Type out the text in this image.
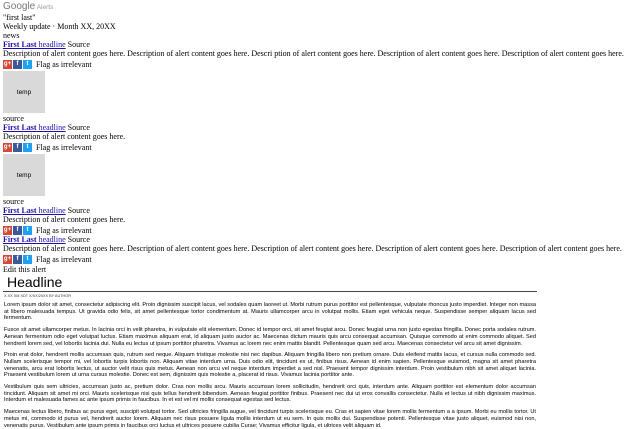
Google Alerts
"first last"
Weekly update · Month XX, 20XX
news
First Last headline Source
Description of alert content goes here. Description of alert content goes here. Descri ption of alert content goes here. Description of alert content goes here. Description of alert content goes here.
g+ f	t Flag as irrelevant
temp
source
First Last headline Source
Description of alert content goes here.
g+ f	t Flag as irrelevant
temp
source
First Last headline Source
Description of alert content goes here.
g+ f	t Flag as irrelevant
First Last headline Source
Description of alert content goes here. Description of alert content goes here. Description of alert content goes here. Description of alert content goes here. Description of alert content goes here.
g+ f	t Flag as irrelevant
Edit this alert
Headline
X.XX XM XDT X/XX/20XX BY AUTHOR

Lorem ipsum dolor sit amet, consectetur adipiscing elit. Proin dignissim suscipit lacus, vel sodales quam laoreet ut. Morbi rutrum purus porttitor est pellentesque, vulputate rhoncus justo imperdiet. Integer non massa at libero malesuada tempus. Ut gravida odio felis, sit amet pellentesque tortor condimentum at. Mauris ullamcorper arcu in volutpat mollis. Etiam eget vehicula neque. Suspendisse semper aliquam lacus sed fermentum.

Fusce sit amet ullamcorper metus. In lacinia orci in velit pharetra, in vulputate elit elementum. Donec id tempor orci, sit amet feugiat arcu. Donec feugiat urna non justo egestas fringilla. Donec porta sodales rutrum. Aenean fermentum odio eget volutpat luctus. Etiam maximus aliquam erat, id aliquam justo auctor ac. Maecenas dictum mauris quis arcu consequat accumsan. Quisque commodo at enim commodo aliquet. Sed hendrerit lorem sed, vel lobortis lacinia dui. Nulla eu lectus ut ipsum porttitor pharetra. Vivamus ac lorem nec enim mattis blandit. Pellentesque quam sed arcu. Maecenas consectetur vel arcu sit amet dignissim.

Proin erat dolor, hendrerit mollis accumsan quis, rutrum sed neque. Aliquam tristique molestie nisi nec dapibus. Aliquam fringilla libero non pretium ornare. Duis eleifend mattis lacus, et cursus nulla commodo sed. Nullam scelerisque tempor mi, vel lobortis turpis lobortis non. Aliquam vitae interdum urna. Duis odio elit, tincidunt ex ut, finibus risus. Aenean id enim sapien. Pellentesque euismod, magna sit amet pharetra venenatis, arcu erat lobortis lectus, ut auctor velit risus quis metus. Aenean non arcu vel neque interdum imperdiet a sed nisl. Praesent tempor dignissim interdum. Proin vestibulum nibh sit amet aliquet lacinia. Praesent vestibulum lorem ut urna cursus molestie. Donec est sem, dignissim quis molestie a, placerat id risus. Vivamus lacinia porttitor ante.

Vestibulum quis sem ultricies, accumsan justo ac, pretium dolor. Cras non mollis arcu. Mauris accumsan lorem sollicitudin, hendrerit orci quis, interdum ante. Aliquam porttitor est elementum dolor accumsan tincidunt. Aliquam sit amet mi orci. Mauris scelerisque nisi quis tellus hendrerit bibendum. Aenean feugiat porttitor finibus. Praesent nec dui ut eros convallis consectetur. Nulla et lectus ut nibh dignissim maximus. Interdum et malesuada fames ac ante ipsum primis in faucibus. In et est vel mi mollis consequat egestas sed lectus.

Maecenas lectus libero, finibus ac purus eget, suscipit volutpat tortor. Sed ultricies fringilla augue, vel tincidunt turpis scelerisque eu. Cras et sapien vitae lorem mollis fermentum a a ipsum. Morbi eu mollis tortor. Ut metus mi, commodo id purus vel, hendrerit auctor lorem. Aliquam nec risus posuere ligula mollis interdum ut eu sem. In quis mollis dui. Suspendisse potenti. Pellentesque vitae justo aliquet, euismod nisi non, venenatis purus. Vestibulum ante ipsum primis in faucibus orci luctus et ultrices posuere cubilia Curae; Vivamus efficitur ligula, et ultrices velit aliquam id.
